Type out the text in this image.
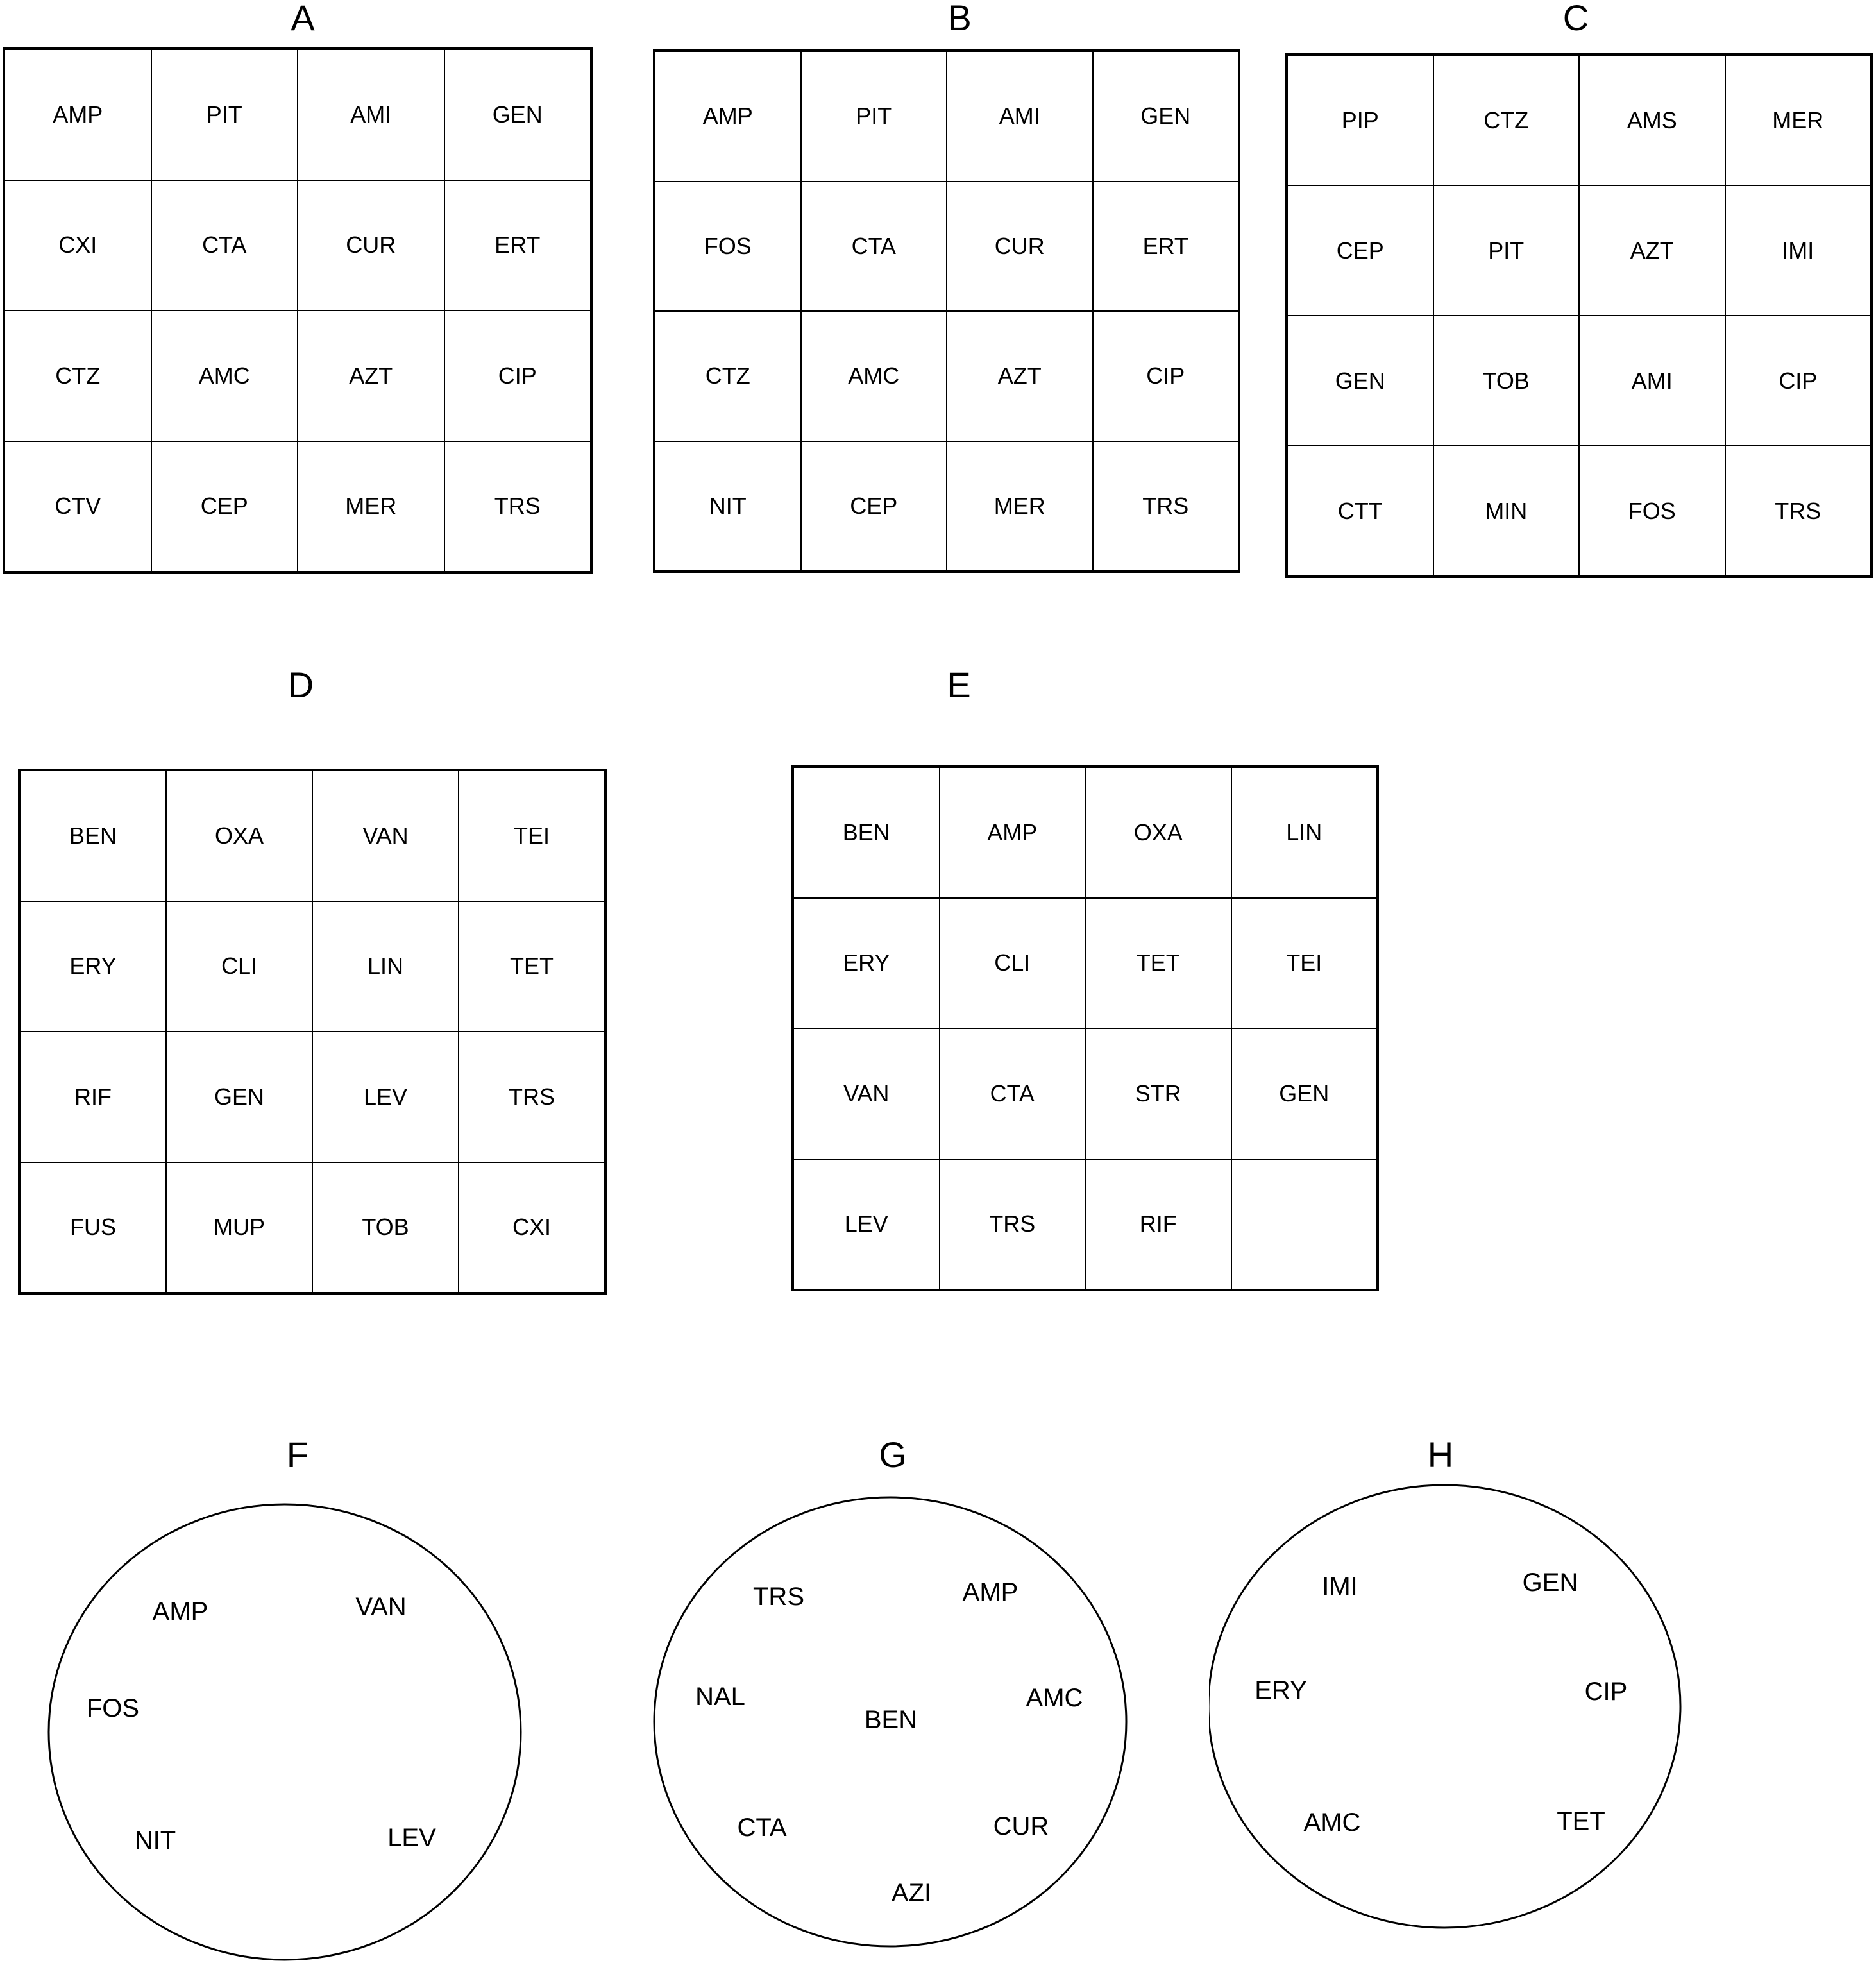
A	B	C
D	E
F	G	H
AMP	PIT	AMI	GEN
CXI	CTA	CUR	ERT
CTZ	AMC	AZT	CIP
CTV	CEP	MER	TRS
AMP	PIT	AMI	GEN
FOS	CTA	CUR	ERT
CTZ	AMC	AZT	CIP
NIT	CEP	MER	TRS
PIP	CTZ	AMS	MER
CEP	PIT	AZT	IMI
GEN	TOB	AMI	CIP
CTT	MIN	FOS	TRS
BEN	OXA	VAN	TEI
ERY	CLI	LIN	TET
RIF	GEN	LEV	TRS
FUS	MUP	TOB	CXI
BEN	AMP	OXA	LIN
ERY	CLI	TET	TEI
VAN	CTA	STR	GEN
LEV	TRS	RIF
AMP	VAN
FOS
NIT	LEV
TRS	AMP
NAL
BEN
AMC
CTA	CUR
AZI
IMI	GEN
ERY	CIP
AMC	TET
